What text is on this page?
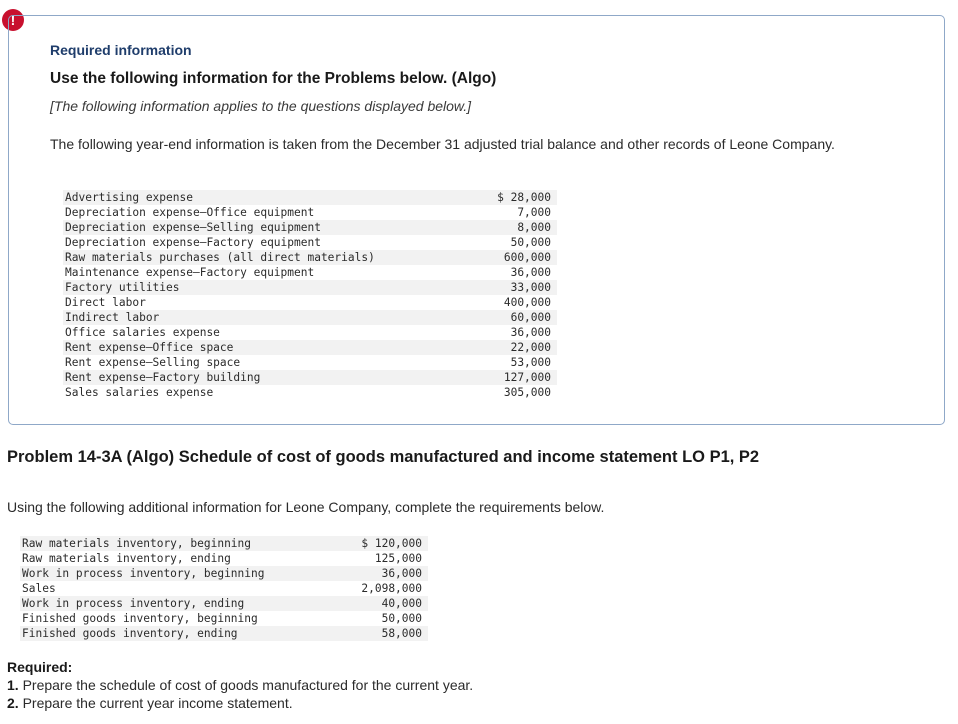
!
Required information
Use the following information for the Problems below. (Algo)
[The following information applies to the questions displayed below.]
The following year-end information is taken from the December 31 adjusted trial balance and other records of Leone Company.
Advertising expense	$ 28,000
Depreciation expense—Office equipment	7,000
Depreciation expense—Selling equipment	8,000
Depreciation expense—Factory equipment	50,000
Raw materials purchases (all direct materials)	600,000
Maintenance expense—Factory equipment	36,000
Factory utilities	33,000
Direct labor	400,000
Indirect labor	60,000
Office salaries expense	36,000
Rent expense—Office space	22,000
Rent expense—Selling space	53,000
Rent expense—Factory building	127,000
Sales salaries expense	305,000
Problem 14-3A (Algo) Schedule of cost of goods manufactured and income statement LO P1, P2
Using the following additional information for Leone Company, complete the requirements below.
Raw materials inventory, beginning	$ 120,000
Raw materials inventory, ending	125,000
Work in process inventory, beginning	36,000
Sales	2,098,000
Work in process inventory, ending	40,000
Finished goods inventory, beginning	50,000
Finished goods inventory, ending	58,000
Required:
1. Prepare the schedule of cost of goods manufactured for the current year.
2. Prepare the current year income statement.
